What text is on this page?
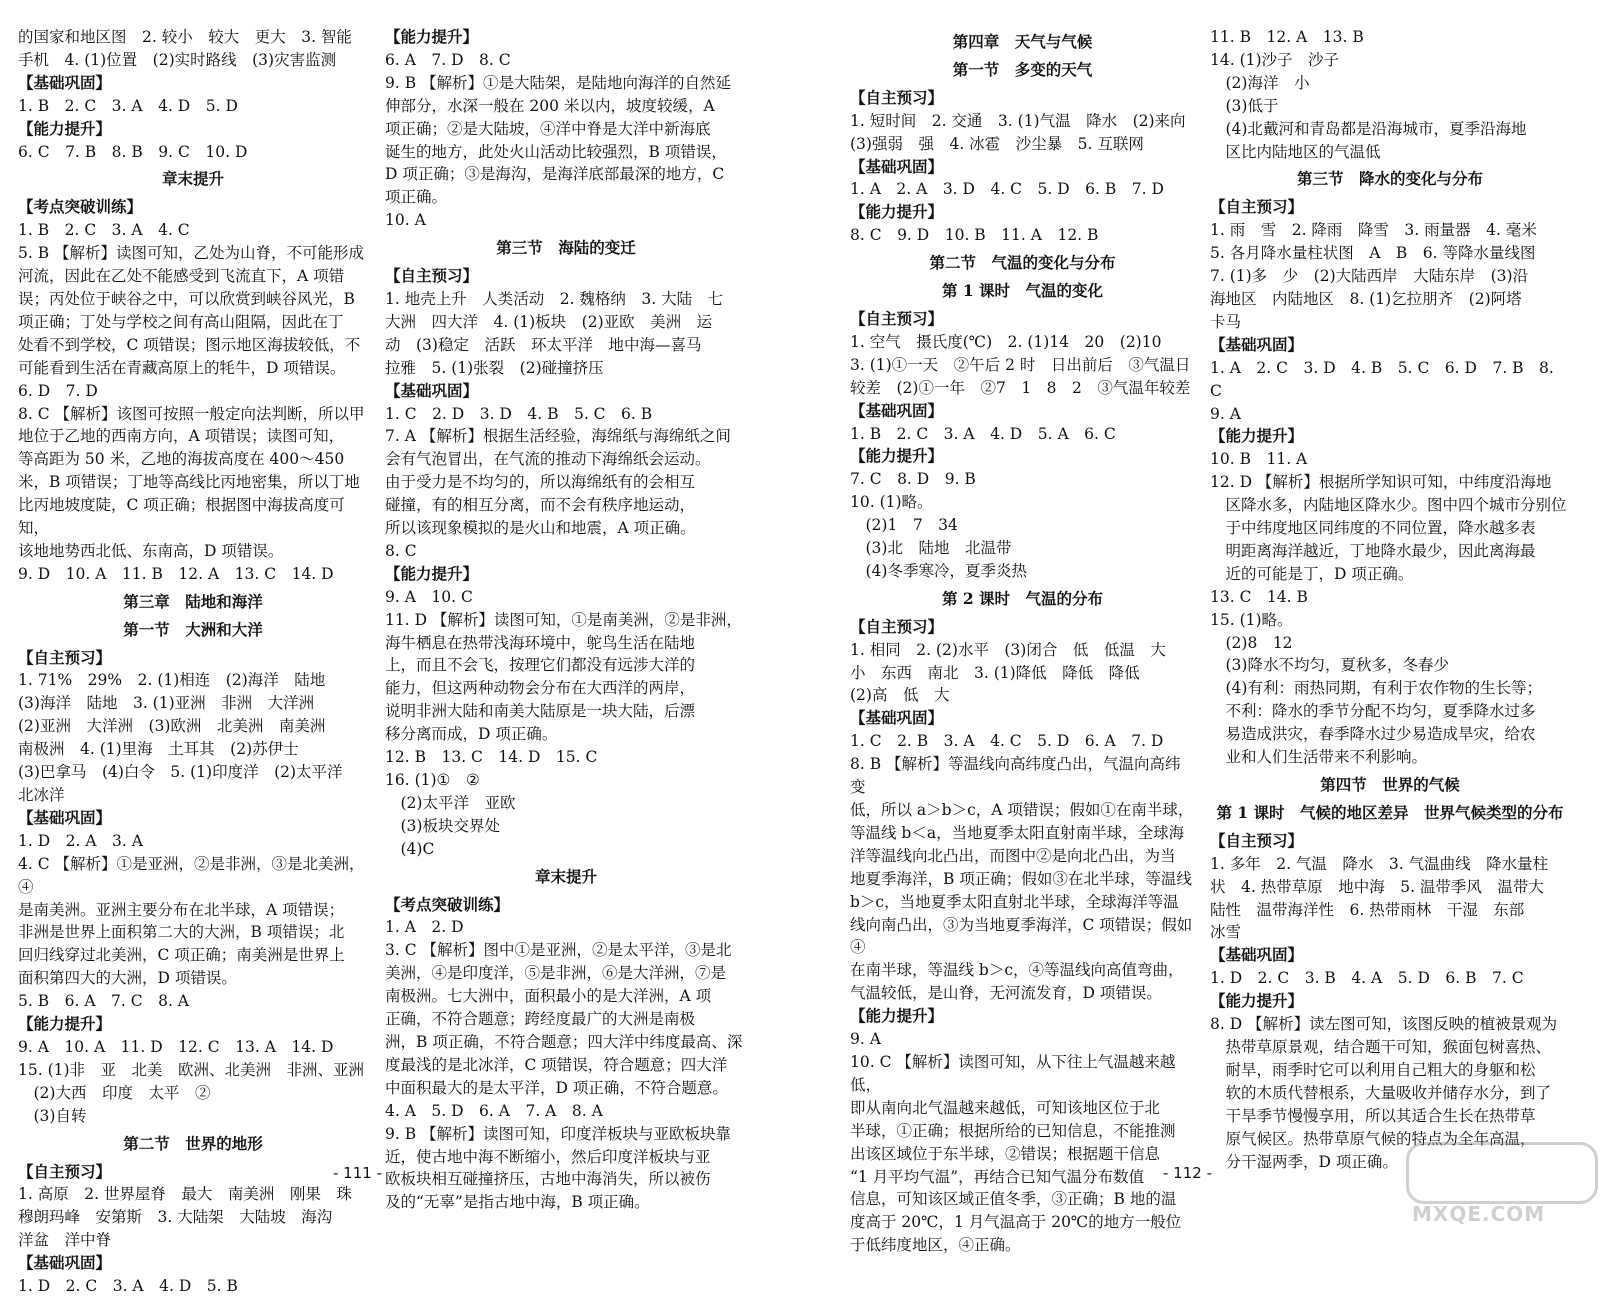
的国家和地区图　2. 较小　较大　更大　3. 智能
手机　4. (1)位置　(2)实时路线　(3)灾害监测
【基础巩固】
1. B　2. C　3. A　4. D　5. D
【能力提升】
6. C　7. B　8. B　9. C　10. D
章末提升
【考点突破训练】
1. B　2. C　3. A　4. C
5. B 【解析】读图可知，乙处为山脊，不可能形成
河流，因此在乙处不能感受到飞流直下，A 项错
误；丙处位于峡谷之中，可以欣赏到峡谷风光，B
项正确；丁处与学校之间有高山阻隔，因此在丁
处看不到学校，C 项错误；图示地区海拔较低，不
可能看到生活在青藏高原上的牦牛，D 项错误。
6. D　7. D
8. C 【解析】该图可按照一般定向法判断，所以甲
地位于乙地的西南方向，A 项错误；读图可知，
等高距为 50 米，乙地的海拔高度在 400～450
米，B 项错误；丁地等高线比丙地密集，所以丁地
比丙地坡度陡，C 项正确；根据图中海拔高度可知，
该地地势西北低、东南高，D 项错误。
9. D　10. A　11. B　12. A　13. C　14. D
第三章　陆地和海洋
第一节　大洲和大洋
【自主预习】
1. 71%　29%　2. (1)相连　(2)海洋　陆地
(3)海洋　陆地　3. (1)亚洲　非洲　大洋洲
(2)亚洲　大洋洲　(3)欧洲　北美洲　南美洲
南极洲　4. (1)里海　土耳其　(2)苏伊士
(3)巴拿马　(4)白令　5. (1)印度洋　(2)太平洋
北冰洋
【基础巩固】
1. D　2. A　3. A
4. C 【解析】①是亚洲，②是非洲，③是北美洲，④
是南美洲。亚洲主要分布在北半球，A 项错误；
非洲是世界上面积第二大的大洲，B 项错误；北
回归线穿过北美洲，C 项正确；南美洲是世界上
面积第四大的大洲，D 项错误。
5. B　6. A　7. C　8. A
【能力提升】
9. A　10. A　11. D　12. C　13. A　14. D
15. (1)非　亚　北美　欧洲、北美洲　非洲、亚洲
　(2)大西　印度　太平　②
　(3)自转
第二节　世界的地形
【自主预习】
1. 高原　2. 世界屋脊　最大　南美洲　刚果　珠
穆朗玛峰　安第斯　3. 大陆架　大陆坡　海沟
洋盆　洋中脊
【基础巩固】
1. D　2. C　3. A　4. D　5. B
【能力提升】
6. A　7. D　8. C
9. B 【解析】①是大陆架，是陆地向海洋的自然延
伸部分，水深一般在 200 米以内，坡度较缓，A
项正确；②是大陆坡，④洋中脊是大洋中新海底
诞生的地方，此处火山活动比较强烈，B 项错误，
D 项正确；③是海沟，是海洋底部最深的地方，C
项正确。
10. A
第三节　海陆的变迁
【自主预习】
1. 地壳上升　人类活动　2. 魏格纳　3. 大陆　七
大洲　四大洋　4. (1)板块　(2)亚欧　美洲　运
动　(3)稳定　活跃　环太平洋　地中海—喜马
拉雅　5. (1)张裂　(2)碰撞挤压
【基础巩固】
1. C　2. D　3. D　4. B　5. C　6. B
7. A 【解析】根据生活经验，海绵纸与海绵纸之间
会有气泡冒出，在气流的推动下海绵纸会运动。
由于受力是不均匀的，所以海绵纸有的会相互
碰撞，有的相互分离，而不会有秩序地运动，
所以该现象模拟的是火山和地震，A 项正确。
8. C
【能力提升】
9. A　10. C
11. D 【解析】读图可知，①是南美洲，②是非洲，
海牛栖息在热带浅海环境中，鸵鸟生活在陆地
上，而且不会飞，按理它们都没有远涉大洋的
能力，但这两种动物会分布在大西洋的两岸，
说明非洲大陆和南美大陆原是一块大陆，后漂
移分离而成，D 项正确。
12. B　13. C　14. D　15. C
16. (1)①　②
　(2)太平洋　亚欧
　(3)板块交界处
　(4)C
章末提升
【考点突破训练】
1. A　2. D
3. C 【解析】图中①是亚洲，②是太平洋，③是北
美洲，④是印度洋，⑤是非洲，⑥是大洋洲，⑦是
南极洲。七大洲中，面积最小的是大洋洲，A 项
正确，不符合题意；跨经度最广的大洲是南极
洲，B 项正确，不符合题意；四大洋中纬度最高、深
度最浅的是北冰洋，C 项错误，符合题意；四大洋
中面积最大的是太平洋，D 项正确，不符合题意。
4. A　5. D　6. A　7. A　8. A
9. B 【解析】读图可知，印度洋板块与亚欧板块靠
近，使古地中海不断缩小，然后印度洋板块与亚
欧板块相互碰撞挤压，古地中海消失，所以被伤
及的“无辜”是指古地中海，B 项正确。
- 111 -
第四章　天气与气候
第一节　多变的天气
【自主预习】
1. 短时间　2. 交通　3. (1)气温　降水　(2)来向
(3)强弱　强　4. 冰雹　沙尘暴　5. 互联网
【基础巩固】
1. A　2. A　3. D　4. C　5. D　6. B　7. D
【能力提升】
8. C　9. D　10. B　11. A　12. B
第二节　气温的变化与分布
第 1 课时　气温的变化
【自主预习】
1. 空气　摄氏度(℃)　2. (1)14　20　(2)10
3. (1)①一天　②午后 2 时　日出前后　③气温日
较差　(2)①一年　②7　1　8　2　③气温年较差
【基础巩固】
1. B　2. C　3. A　4. D　5. A　6. C
【能力提升】
7. C　8. D　9. B
10. (1)略。
　(2)1　7　34
　(3)北　陆地　北温带
　(4)冬季寒冷，夏季炎热
第 2 课时　气温的分布
【自主预习】
1. 相同　2. (2)水平　(3)闭合　低　低温　大
小　东西　南北　3. (1)降低　降低　降低
(2)高　低　大
【基础巩固】
1. C　2. B　3. A　4. C　5. D　6. A　7. D
8. B 【解析】等温线向高纬度凸出，气温向高纬变
低，所以 a＞b＞c，A 项错误；假如①在南半球，
等温线 b＜a，当地夏季太阳直射南半球，全球海
洋等温线向北凸出，而图中②是向北凸出，为当
地夏季海洋，B 项正确；假如③在北半球，等温线
b＞c，当地夏季太阳直射北半球，全球海洋等温
线向南凸出，③为当地夏季海洋，C 项错误；假如④
在南半球，等温线 b＞c，④等温线向高值弯曲，
气温较低，是山脊，无河流发育，D 项错误。
【能力提升】
9. A
10. C 【解析】读图可知，从下往上气温越来越低，
即从南向北气温越来越低，可知该地区位于北
半球，①正确；根据所给的已知信息，不能推测
出该区域位于东半球，②错误；根据题干信息
“1 月平均气温”，再结合已知气温分布数值
信息，可知该区域正值冬季，③正确；B 地的温
度高于 20℃，1 月气温高于 20℃的地方一般位
于低纬度地区，④正确。
11. B　12. A　13. B
14. (1)沙子　沙子
　(2)海洋　小
　(3)低于
　(4)北戴河和青岛都是沿海城市，夏季沿海地
　区比内陆地区的气温低
第三节　降水的变化与分布
【自主预习】
1. 雨　雪　2. 降雨　降雪　3. 雨量器　4. 毫米
5. 各月降水量柱状图　A　B　6. 等降水量线图
7. (1)多　少　(2)大陆西岸　大陆东岸　(3)沿
海地区　内陆地区　8. (1)乞拉朋齐　(2)阿塔
卡马
【基础巩固】
1. A　2. C　3. D　4. B　5. C　6. D　7. B　8. C
9. A
【能力提升】
10. B　11. A
12. D 【解析】根据所学知识可知，中纬度沿海地
　区降水多，内陆地区降水少。图中四个城市分别位
　于中纬度地区同纬度的不同位置，降水越多表
　明距离海洋越近，丁地降水最少，因此离海最
　近的可能是丁，D 项正确。
13. C　14. B
15. (1)略。
　(2)8　12
　(3)降水不均匀，夏秋多，冬春少
　(4)有利：雨热同期，有利于农作物的生长等；
　不利：降水的季节分配不均匀，夏季降水过多
　易造成洪灾，春季降水过少易造成旱灾，给农
　业和人们生活带来不利影响。
第四节　世界的气候
第 1 课时　气候的地区差异　世界气候类型的分布
【自主预习】
1. 多年　2. 气温　降水　3. 气温曲线　降水量柱
状　4. 热带草原　地中海　5. 温带季风　温带大
陆性　温带海洋性　6. 热带雨林　干湿　东部
冰雪
【基础巩固】
1. D　2. C　3. B　4. A　5. D　6. B　7. C
【能力提升】
8. D 【解析】读左图可知，该图反映的植被景观为
　热带草原景观，结合题干可知，猴面包树喜热、
　耐旱，雨季时它可以利用自己粗大的身躯和松
　软的木质代替根系，大量吸收并储存水分，到了
　干旱季节慢慢享用，所以其适合生长在热带草
　原气候区。热带草原气候的特点为全年高温，
　分干湿两季，D 项正确。
- 112 -
MXQE.COM
